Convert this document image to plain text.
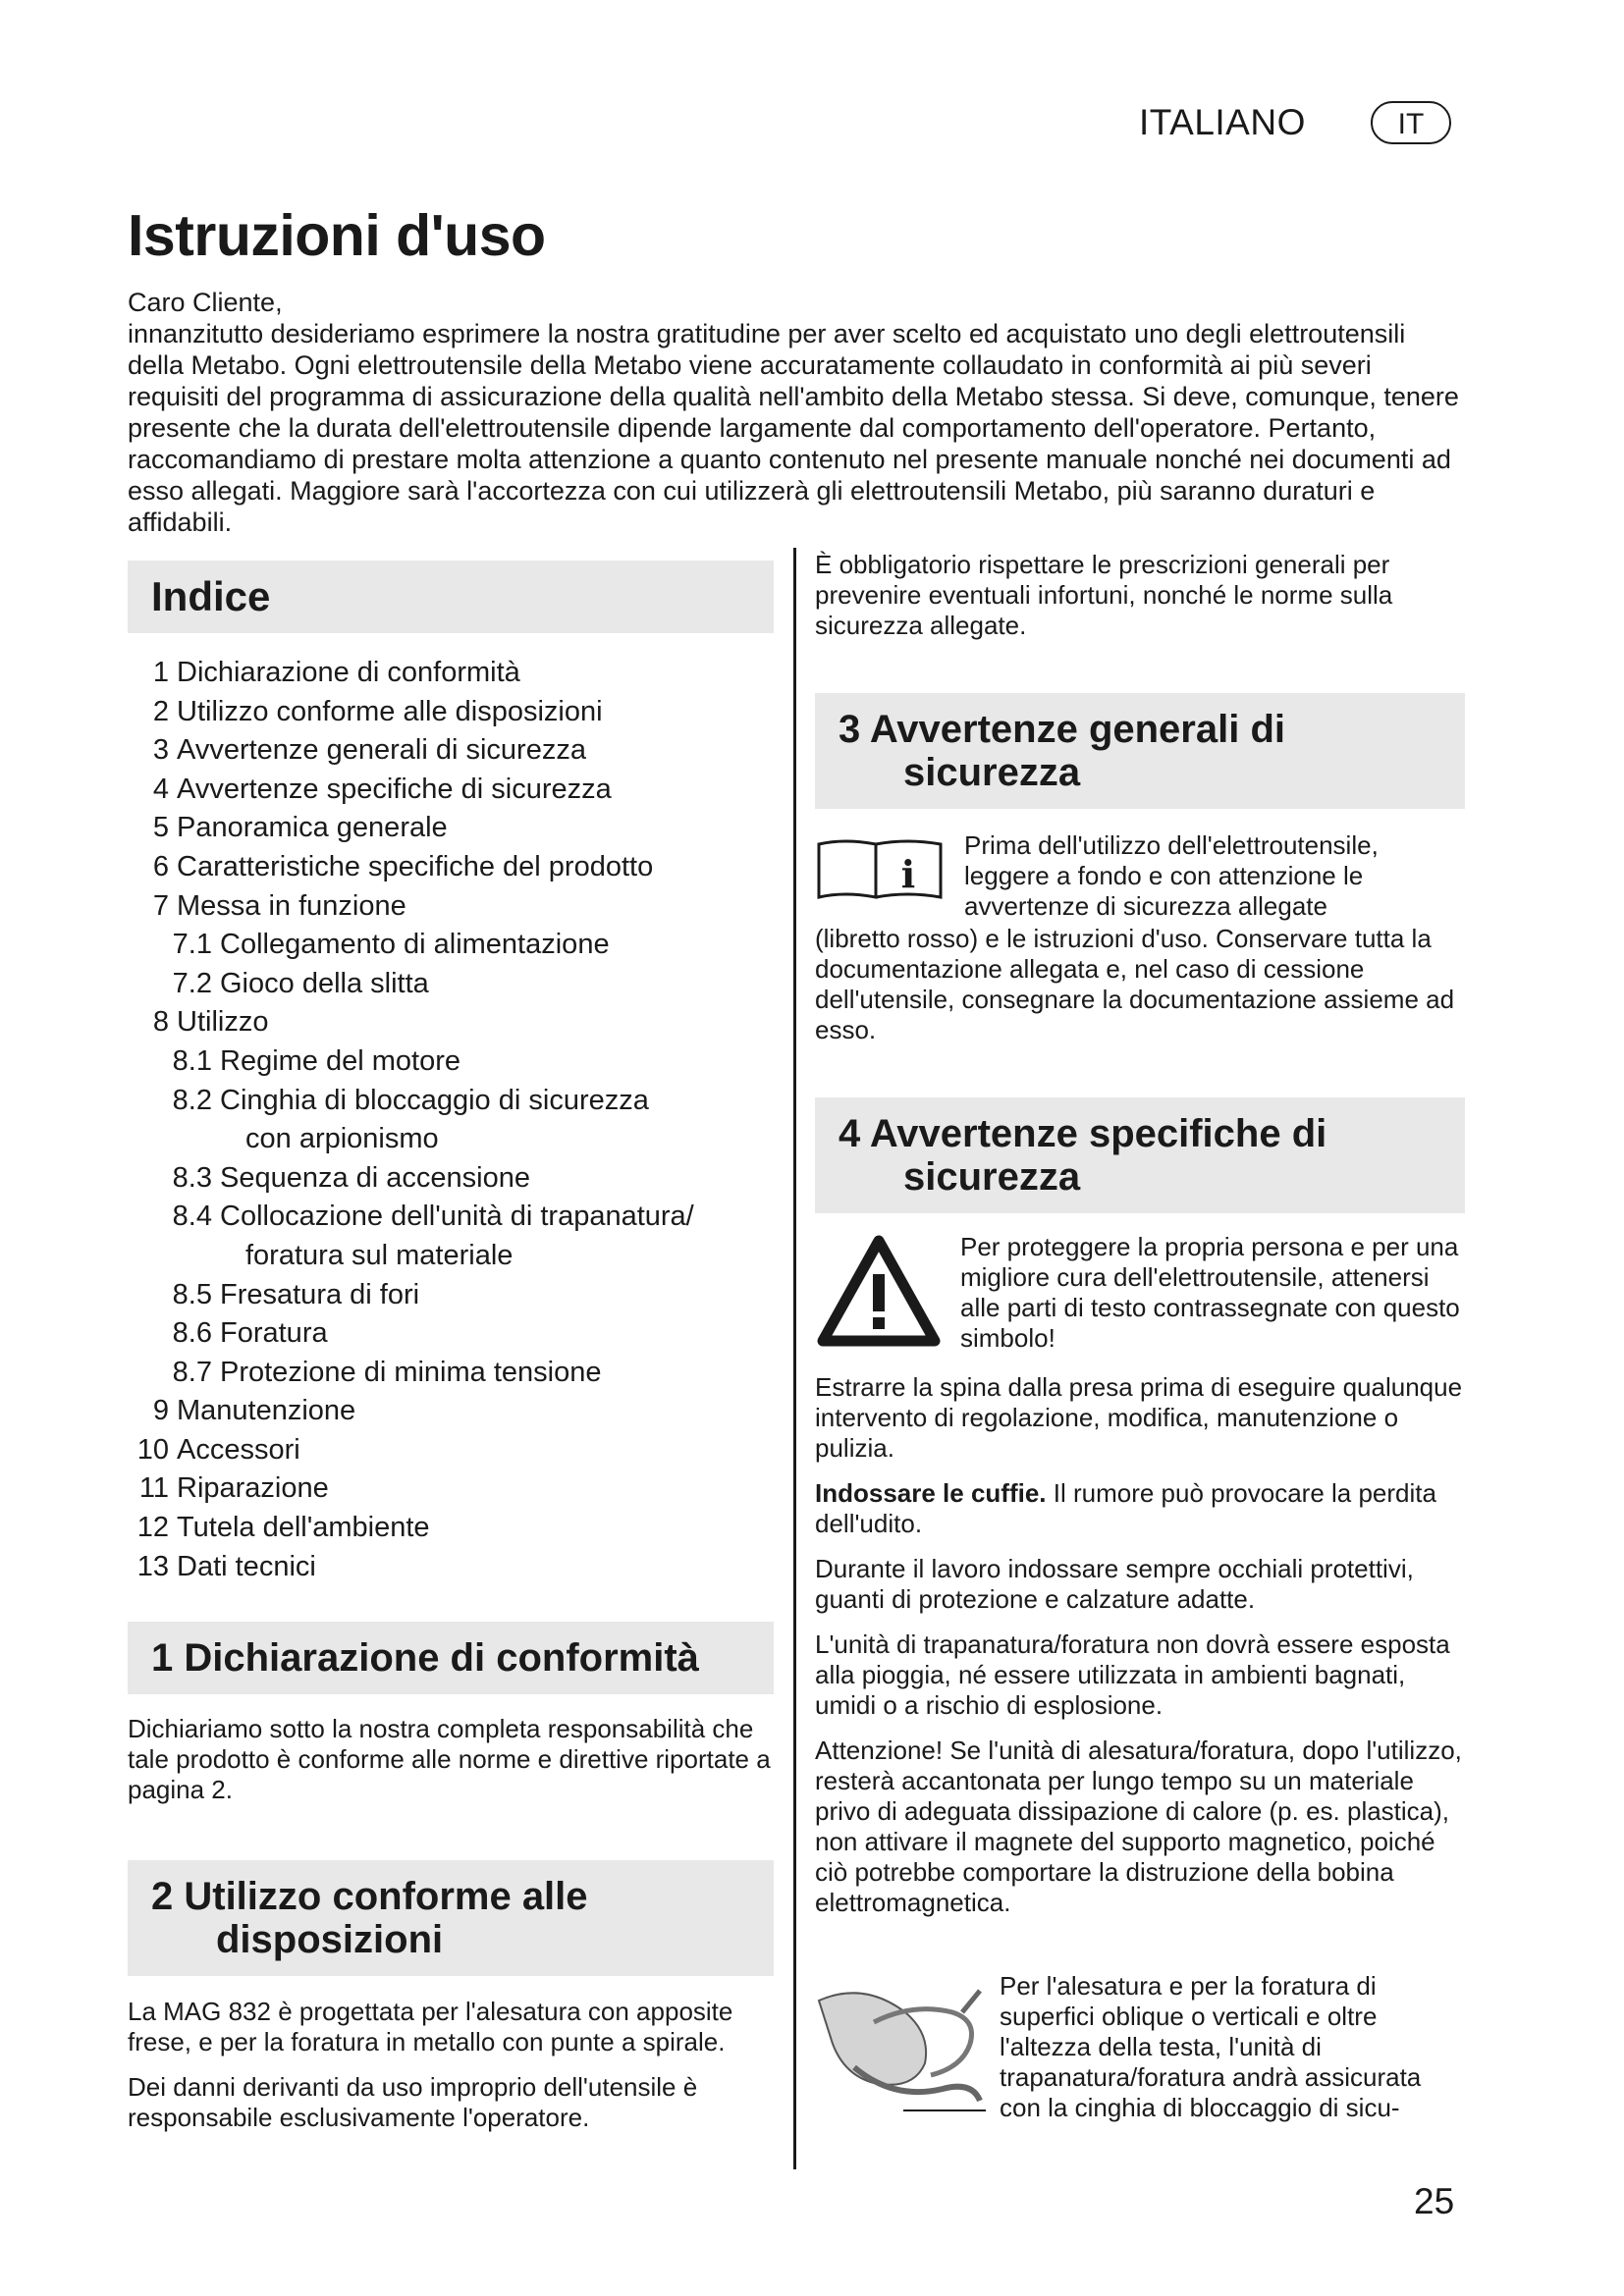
ITALIANO	IT
Istruzioni d'uso

Caro Cliente,

innanzitutto desideriamo esprimere la nostra gratitudine per aver scelto ed acquistato uno degli elettroutensili della Metabo. Ogni elettroutensile della Metabo viene accuratamente collaudato in conformità ai più severi requisiti del programma di assicurazione della qualità nell'ambito della Metabo stessa. Si deve, comunque, tenere presente che la durata dell'elettroutensile dipende largamente dal comportamento dell'operatore. Pertanto, raccomandiamo di prestare molta attenzione a quanto contenuto nel presente manuale nonché nei documenti ad esso allegati. Maggiore sarà l'accortezza con cui utilizzerà gli elettroutensili Metabo, più saranno duraturi e affidabili.

Indice
1 Dichiarazione di conformità
2 Utilizzo conforme alle disposizioni
3 Avvertenze generali di sicurezza
4 Avvertenze specifiche di sicurezza
5 Panoramica generale
6 Caratteristiche specifiche del prodotto
7 Messa in funzione
7.1 Collegamento di alimentazione
7.2 Gioco della slitta
8 Utilizzo
8.1 Regime del motore
8.2 Cinghia di bloccaggio di sicurezza
con arpionismo
8.3 Sequenza di accensione
8.4 Collocazione dell'unità di trapanatura/
foratura sul materiale
8.5 Fresatura di fori
8.6 Foratura
8.7 Protezione di minima tensione
9 Manutenzione
10 Accessori
11 Riparazione
12 Tutela dell'ambiente
13 Dati tecnici
1 Dichiarazione di conformità

Dichiariamo sotto la nostra completa responsabilità che tale prodotto è conforme alle norme e direttive riportate a pagina 2.

2 Utilizzo conforme alle
disposizioni

La MAG 832 è progettata per l'alesatura con apposite frese, e per la foratura in metallo con punte a spirale.

Dei danni derivanti da uso improprio dell'utensile è responsabile esclusivamente l'operatore.

È obbligatorio rispettare le prescrizioni generali per prevenire eventuali infortuni, nonché le norme sulla sicurezza allegate.

3 Avvertenze generali di
sicurezza
i

Prima dell'utilizzo dell'elettroutensile, leggere a fondo e con attenzione le avvertenze di sicurezza allegate

(libretto rosso) e le istruzioni d'uso. Conservare tutta la documentazione allegata e, nel caso di cessione dell'utensile, consegnare la documentazione assieme ad esso.

4 Avvertenze specifiche di
sicurezza

Per proteggere la propria persona e per una migliore cura dell'elettroutensile, attenersi alle parti di testo contrassegnate con questo simbolo!

Estrarre la spina dalla presa prima di eseguire qualunque intervento di regolazione, modifica, manutenzione o pulizia.

Indossare le cuffie. Il rumore può provocare la perdita dell'udito.

Durante il lavoro indossare sempre occhiali protettivi, guanti di protezione e calzature adatte.

L'unità di trapanatura/foratura non dovrà essere esposta alla pioggia, né essere utilizzata in ambienti bagnati, umidi o a rischio di esplosione.

Attenzione! Se l'unità di alesatura/foratura, dopo l'utilizzo, resterà accantonata per lungo tempo su un materiale privo di adeguata dissipazione di calore (p. es. plastica), non attivare il magnete del supporto magnetico, poiché ciò potrebbe comportare la distruzione della bobina elettromagnetica.

Per l'alesatura e per la foratura di superfici oblique o verticali e oltre l'altezza della testa, l'unità di trapanatura/foratura andrà assicurata con la cinghia di bloccaggio di sicu-

25
